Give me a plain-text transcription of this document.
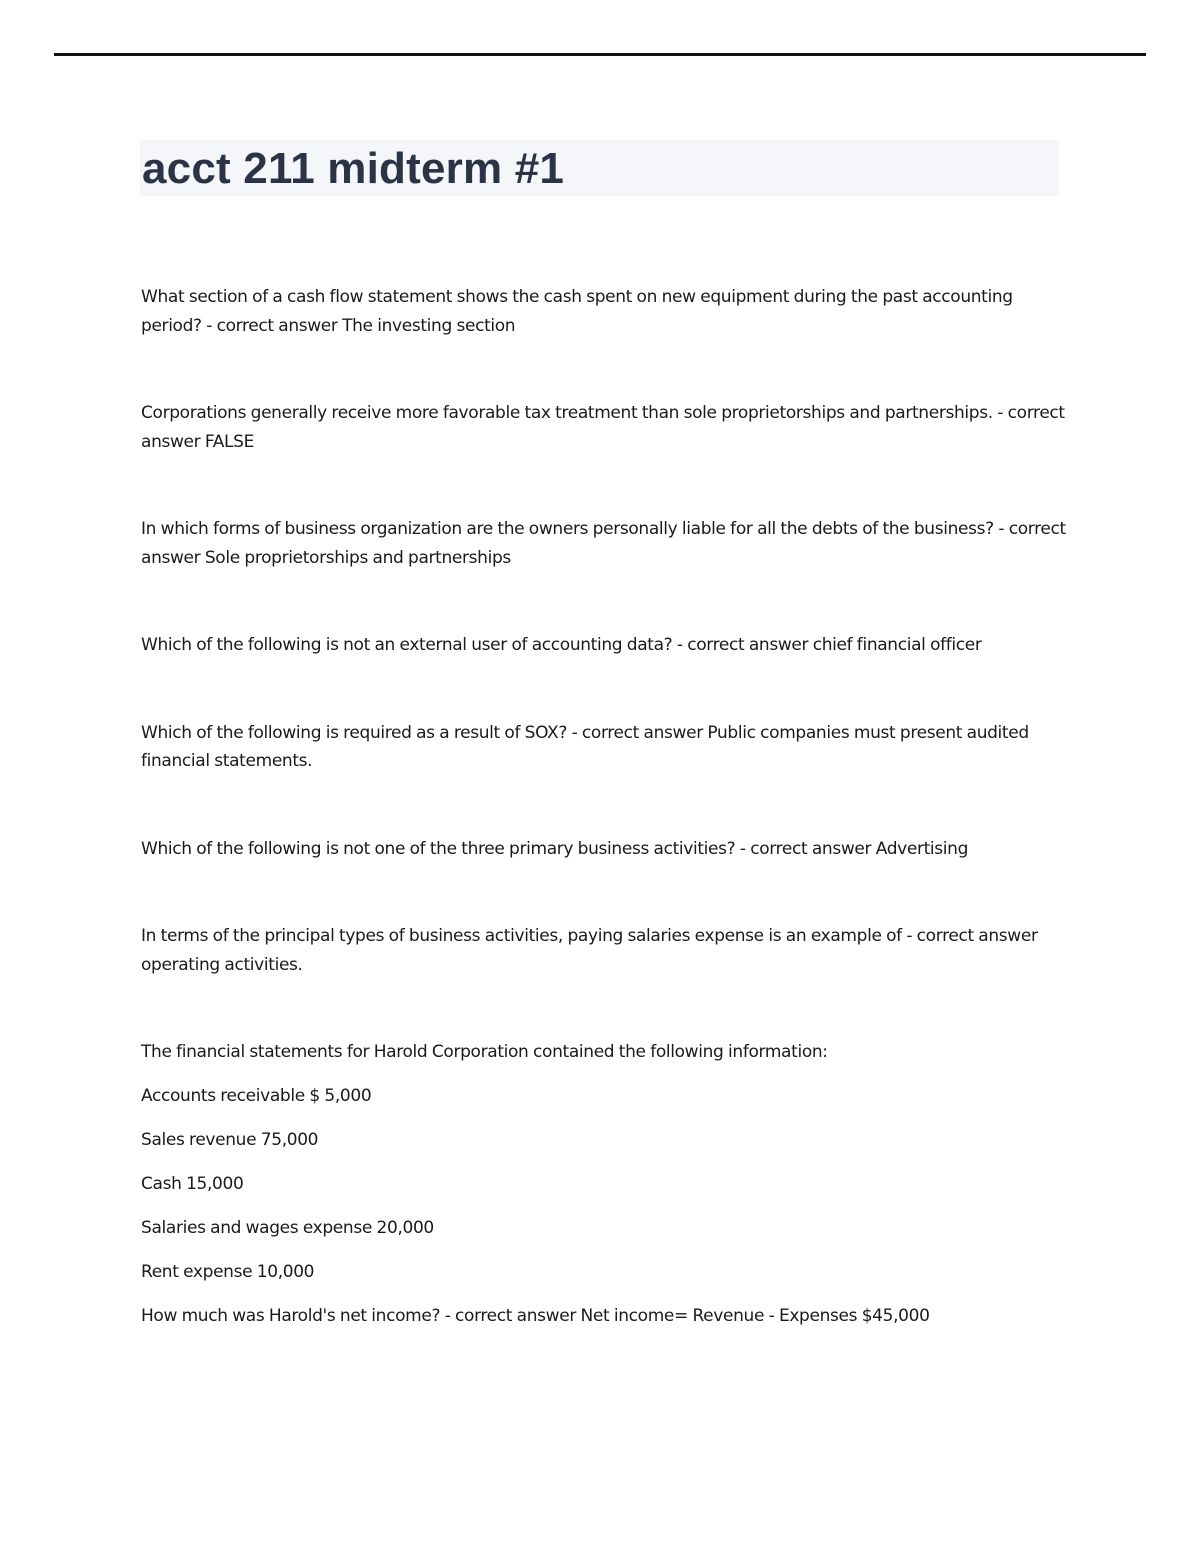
acct 211 midterm #1

What section of a cash flow statement shows the cash spent on new equipment during the past accounting period? - correct answer The investing section

Corporations generally receive more favorable tax treatment than sole proprietorships and partnerships. - correct answer FALSE

In which forms of business organization are the owners personally liable for all the debts of the business? - correct answer Sole proprietorships and partnerships

Which of the following is not an external user of accounting data? - correct answer chief financial officer

Which of the following is required as a result of SOX? - correct answer Public companies must present audited financial statements.

Which of the following is not one of the three primary business activities? - correct answer Advertising

In terms of the principal types of business activities, paying salaries expense is an example of - correct answer operating activities.

The financial statements for Harold Corporation contained the following information:

Accounts receivable $ 5,000

Sales revenue 75,000

Cash 15,000

Salaries and wages expense 20,000

Rent expense 10,000

How much was Harold's net income? - correct answer Net income= Revenue - Expenses $45,000
